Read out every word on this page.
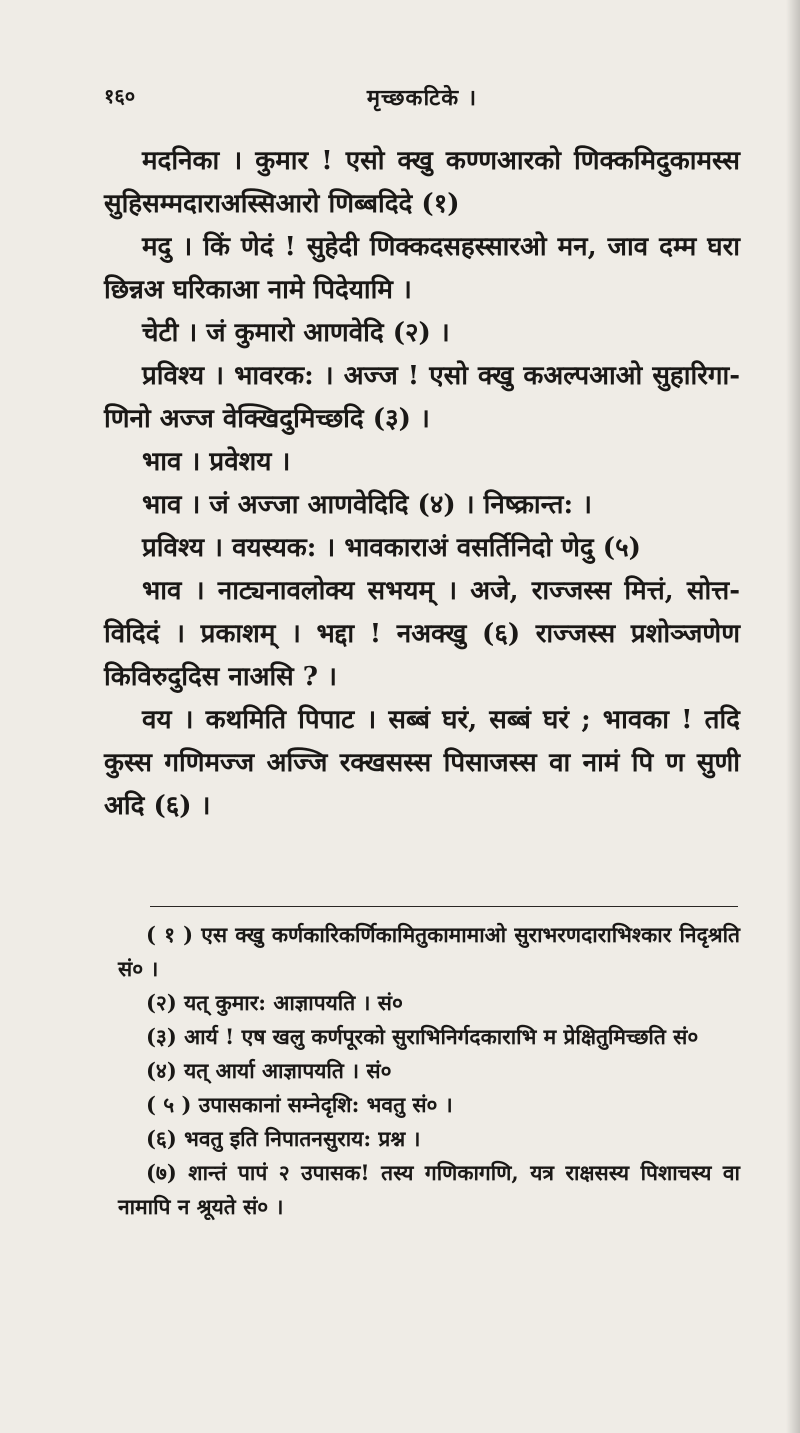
१६०	मृच्छकटिके ।

मदनिका । कुमार ! एसो क्खु कण्णआरको णिक्कमिदुकामस्स सुहिसम्मदाराअस्सिआरो णिब्बदिदे (१)

मदु । किं णेदं ! सुहेदी णिक्कदसहस्सारओ मन, जाव दम्म घरा छिन्नअ घरिकाआ नामे पिदेयामि ।

चेटी । जं कुमारो आणवेदि (२) ।

प्रविश्य । भावरक: । अज्ज ! एसो क्खु कअल्पआओ सुहारिगा- णिनो अज्ज वेक्खिदुमिच्छदि (३) ।

भाव । प्रवेशय ।

भाव । जं अज्जा आणवेदिदि (४) । निष्क्रान्त: ।

प्रविश्य । वयस्यक: । भावकाराअं वसर्तिनिदो णेदु (५)

भाव । नाट्यनावलोक्य सभयम् । अजे, राज्जस्स मित्तं, सोत्त- विदिदं । प्रकाशम् । भद्दा ! नअक्खु (६) राज्जस्स प्रशोञ्जणेण किविरुदुदिस नाअसि ? ।

वय । कथमिति पिपाट । सब्बं घरं, सब्बं घरं ; भावका ! तदि कुस्स गणिमज्ज अज्जि रक्खसस्स पिसाजस्स वा नामं पि ण सुणी अदि (६) ।

( १ ) एस क्खु कर्णकारिकर्णिकामितुकामामाओ सुराभरणदाराभिश्कार निदृश्रति सं० ।

(२) यत् कुमार: आज्ञापयति । सं०

(३) आर्य ! एष खलु कर्णपूरको सुराभिनिर्गदकाराभि म प्रेक्षितुमिच्छति सं०

(४) यत् आर्या आज्ञापयति । सं०

( ५ ) उपासकानां सम्नेदृशि: भवतु सं० ।

(६) भवतु इति निपातनसुराय: प्रश्न ।

(७) शान्तं पापं २ उपासक! तस्य गणिकागणि, यत्र राक्षसस्य पिशाचस्य वा नामापि न श्रूयते सं० ।
